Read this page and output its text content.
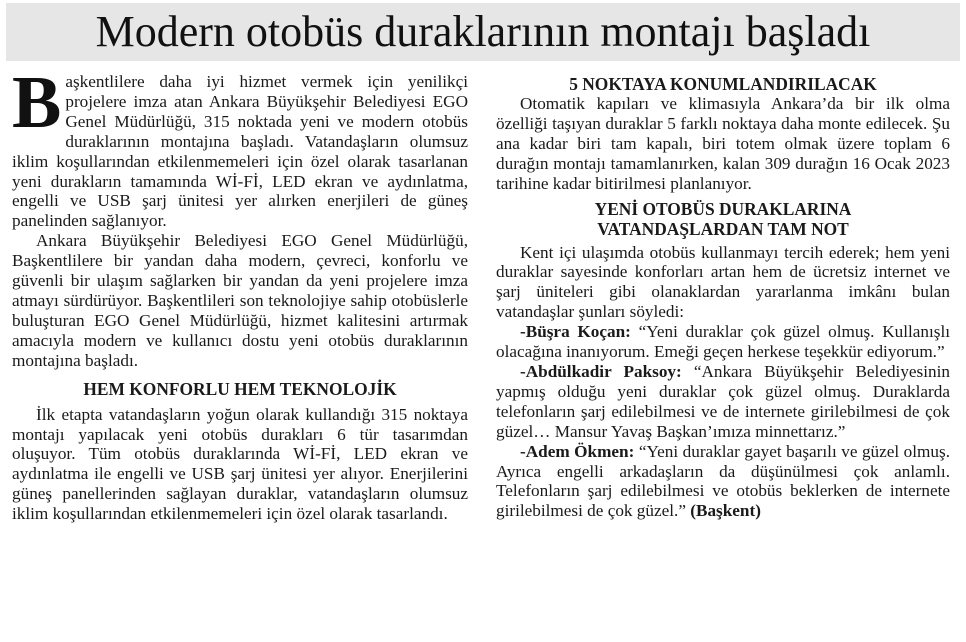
Modern otobüs duraklarının montajı başladı

Başkentlilere daha iyi hizmet vermek için yenilikçi projelere imza atan Ankara Büyükşehir Belediyesi EGO Genel Müdürlüğü, 315 noktada yeni ve modern otobüs duraklarının montajına başladı. Vatandaşların olumsuz iklim koşullarından etkilenmemeleri için özel olarak tasarlanan yeni durakların tamamında Wİ-Fİ, LED ekran ve aydınlatma, engelli ve USB şarj ünitesi yer alırken enerjileri de güneş panelinden sağlanıyor.

Ankara Büyükşehir Belediyesi EGO Genel Müdürlüğü, Başkentlilere bir yandan daha modern, çevreci, konforlu ve güvenli bir ulaşım sağlarken bir yandan da yeni projelere imza atmayı sürdürüyor. Başkentlileri son teknolojiye sahip otobüslerle buluşturan EGO Genel Müdürlüğü, hizmet kalitesini artırmak amacıyla modern ve kullanıcı dostu yeni otobüs duraklarının montajına başladı.

HEM KONFORLU HEM TEKNOLOJİK

İlk etapta vatandaşların yoğun olarak kullandığı 315 noktaya montajı yapılacak yeni otobüs durakları 6 tür tasarımdan oluşuyor. Tüm otobüs duraklarında Wİ-Fİ, LED ekran ve aydınlatma ile engelli ve USB şarj ünitesi yer alıyor. Enerjilerini güneş panellerinden sağlayan duraklar, vatandaşların olumsuz iklim koşullarından etkilenmemeleri için özel olarak tasarlandı.

5 NOKTAYA KONUMLANDIRILACAK

Otomatik kapıları ve klimasıyla Ankara’da bir ilk olma özelliği taşıyan duraklar 5 farklı noktaya daha monte edilecek. Şu ana kadar biri tam kapalı, biri totem olmak üzere toplam 6 durağın montajı tamamlanırken, kalan 309 durağın 16 Ocak 2023 tarihine kadar bitirilmesi planlanıyor.

YENİ OTOBÜS DURAKLARINA
VATANDAŞLARDAN TAM NOT

Kent içi ulaşımda otobüs kullanmayı tercih ederek; hem yeni duraklar sayesinde konforları artan hem de ücretsiz internet ve şarj üniteleri gibi olanaklardan yararlanma imkânı bulan vatandaşlar şunları söyledi:

-Büşra Koçan: “Yeni duraklar çok güzel olmuş. Kullanışlı olacağına inanıyorum. Emeği geçen herkese teşekkür ediyorum.”

-Abdülkadir Paksoy: “Ankara Büyükşehir Belediyesinin yapmış olduğu yeni duraklar çok güzel olmuş. Duraklarda telefonların şarj edilebilmesi ve de internete girilebilmesi de çok güzel… Mansur Yavaş Başkan’ımıza minnettarız.”

-Adem Ökmen: “Yeni duraklar gayet başarılı ve güzel olmuş. Ayrıca engelli arkadaşların da düşünülmesi çok anlamlı. Telefonların şarj edilebilmesi ve otobüs beklerken de internete girilebilmesi de çok güzel.” (Başkent)
